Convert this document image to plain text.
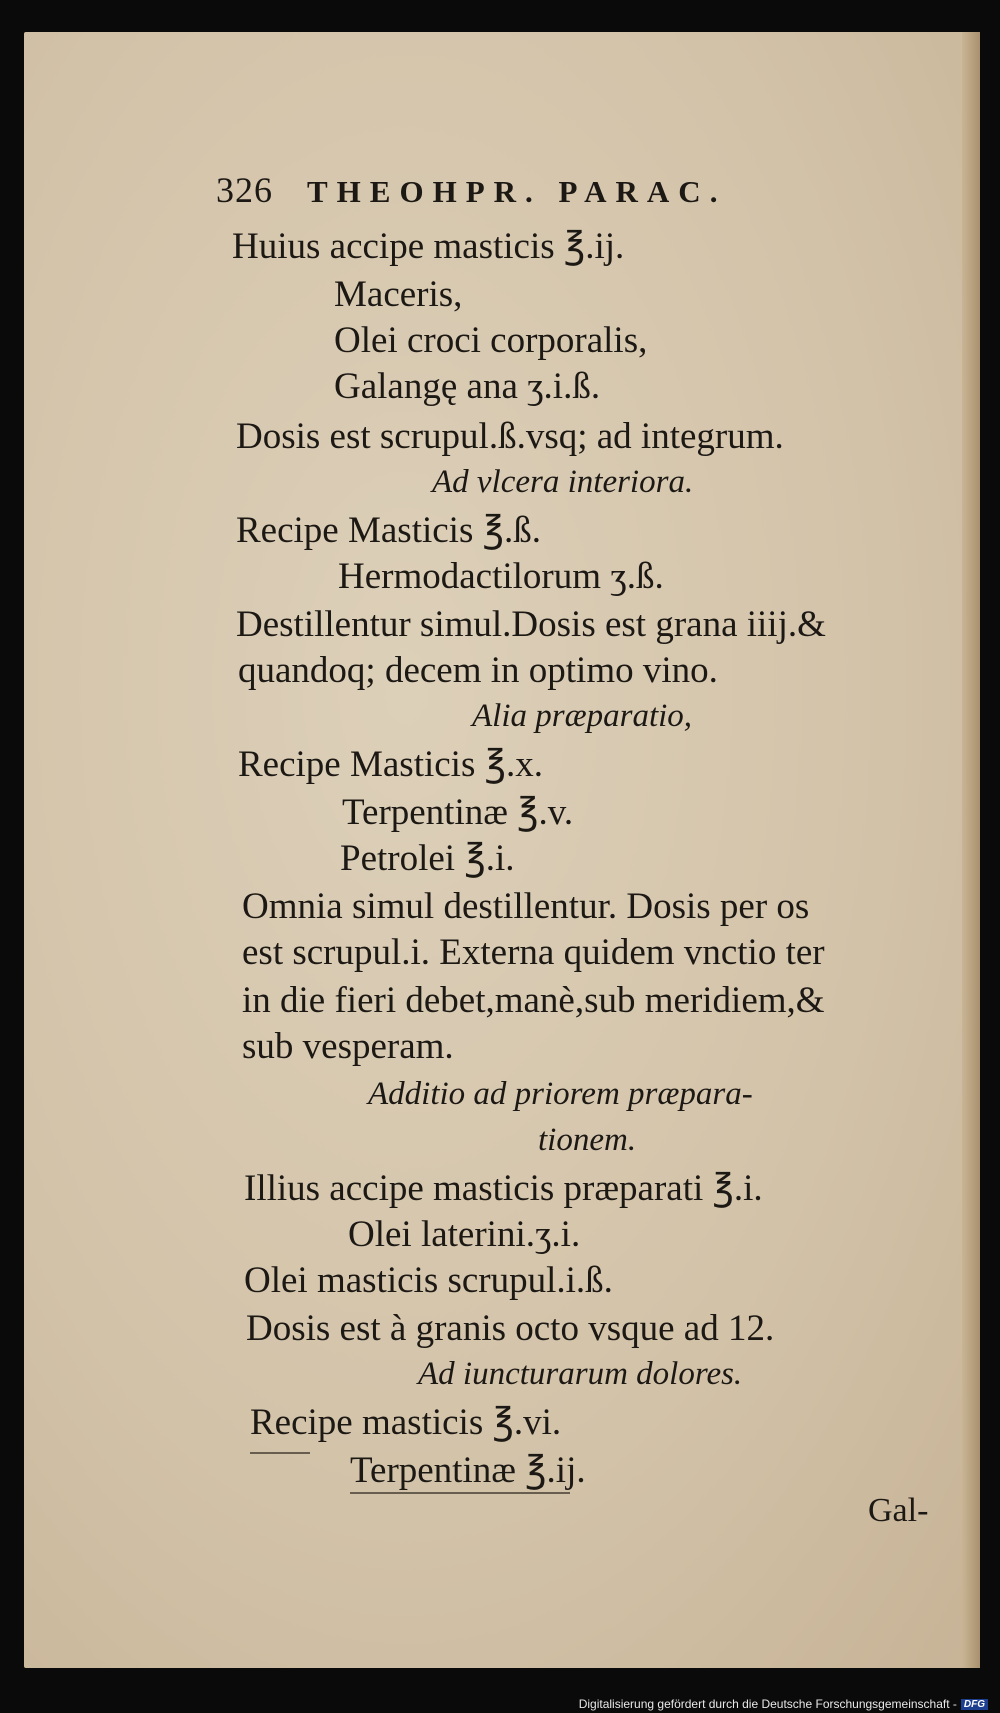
326 THEOHPR. PARAC.
Huius accipe masticis ℥.ij.
Maceris,
Olei croci corporalis,
Galangę ana ʒ.i.ß.
Dosis est scrupul.ß.vsq; ad integrum.
Ad vlcera interiora.
Recipe Masticis ℥.ß.
Hermodactilorum ʒ.ß.
Destillentur simul.Dosis est grana iiij.&
quandoq; decem in optimo vino.
Alia præparatio,
Recipe Masticis ℥.x.
Terpentinæ ℥.v.
Petrolei ℥.i.
Omnia simul destillentur. Dosis per os
est scrupul.i. Externa quidem vnctio ter
in die fieri debet,manè,sub meridiem,&
sub vesperam.
Additio ad priorem præpara-
tionem.
Illius accipe masticis præparati ℥.i.
Olei laterini.ʒ.i.
Olei masticis scrupul.i.ß.
Dosis est à granis octo vsque ad 12.
Ad iuncturarum dolores.
Recipe masticis ℥.vi.
Terpentinæ ℥.ij.
Gal-
Digitalisierung gefördert durch die Deutsche Forschungsgemeinschaft - DFG
